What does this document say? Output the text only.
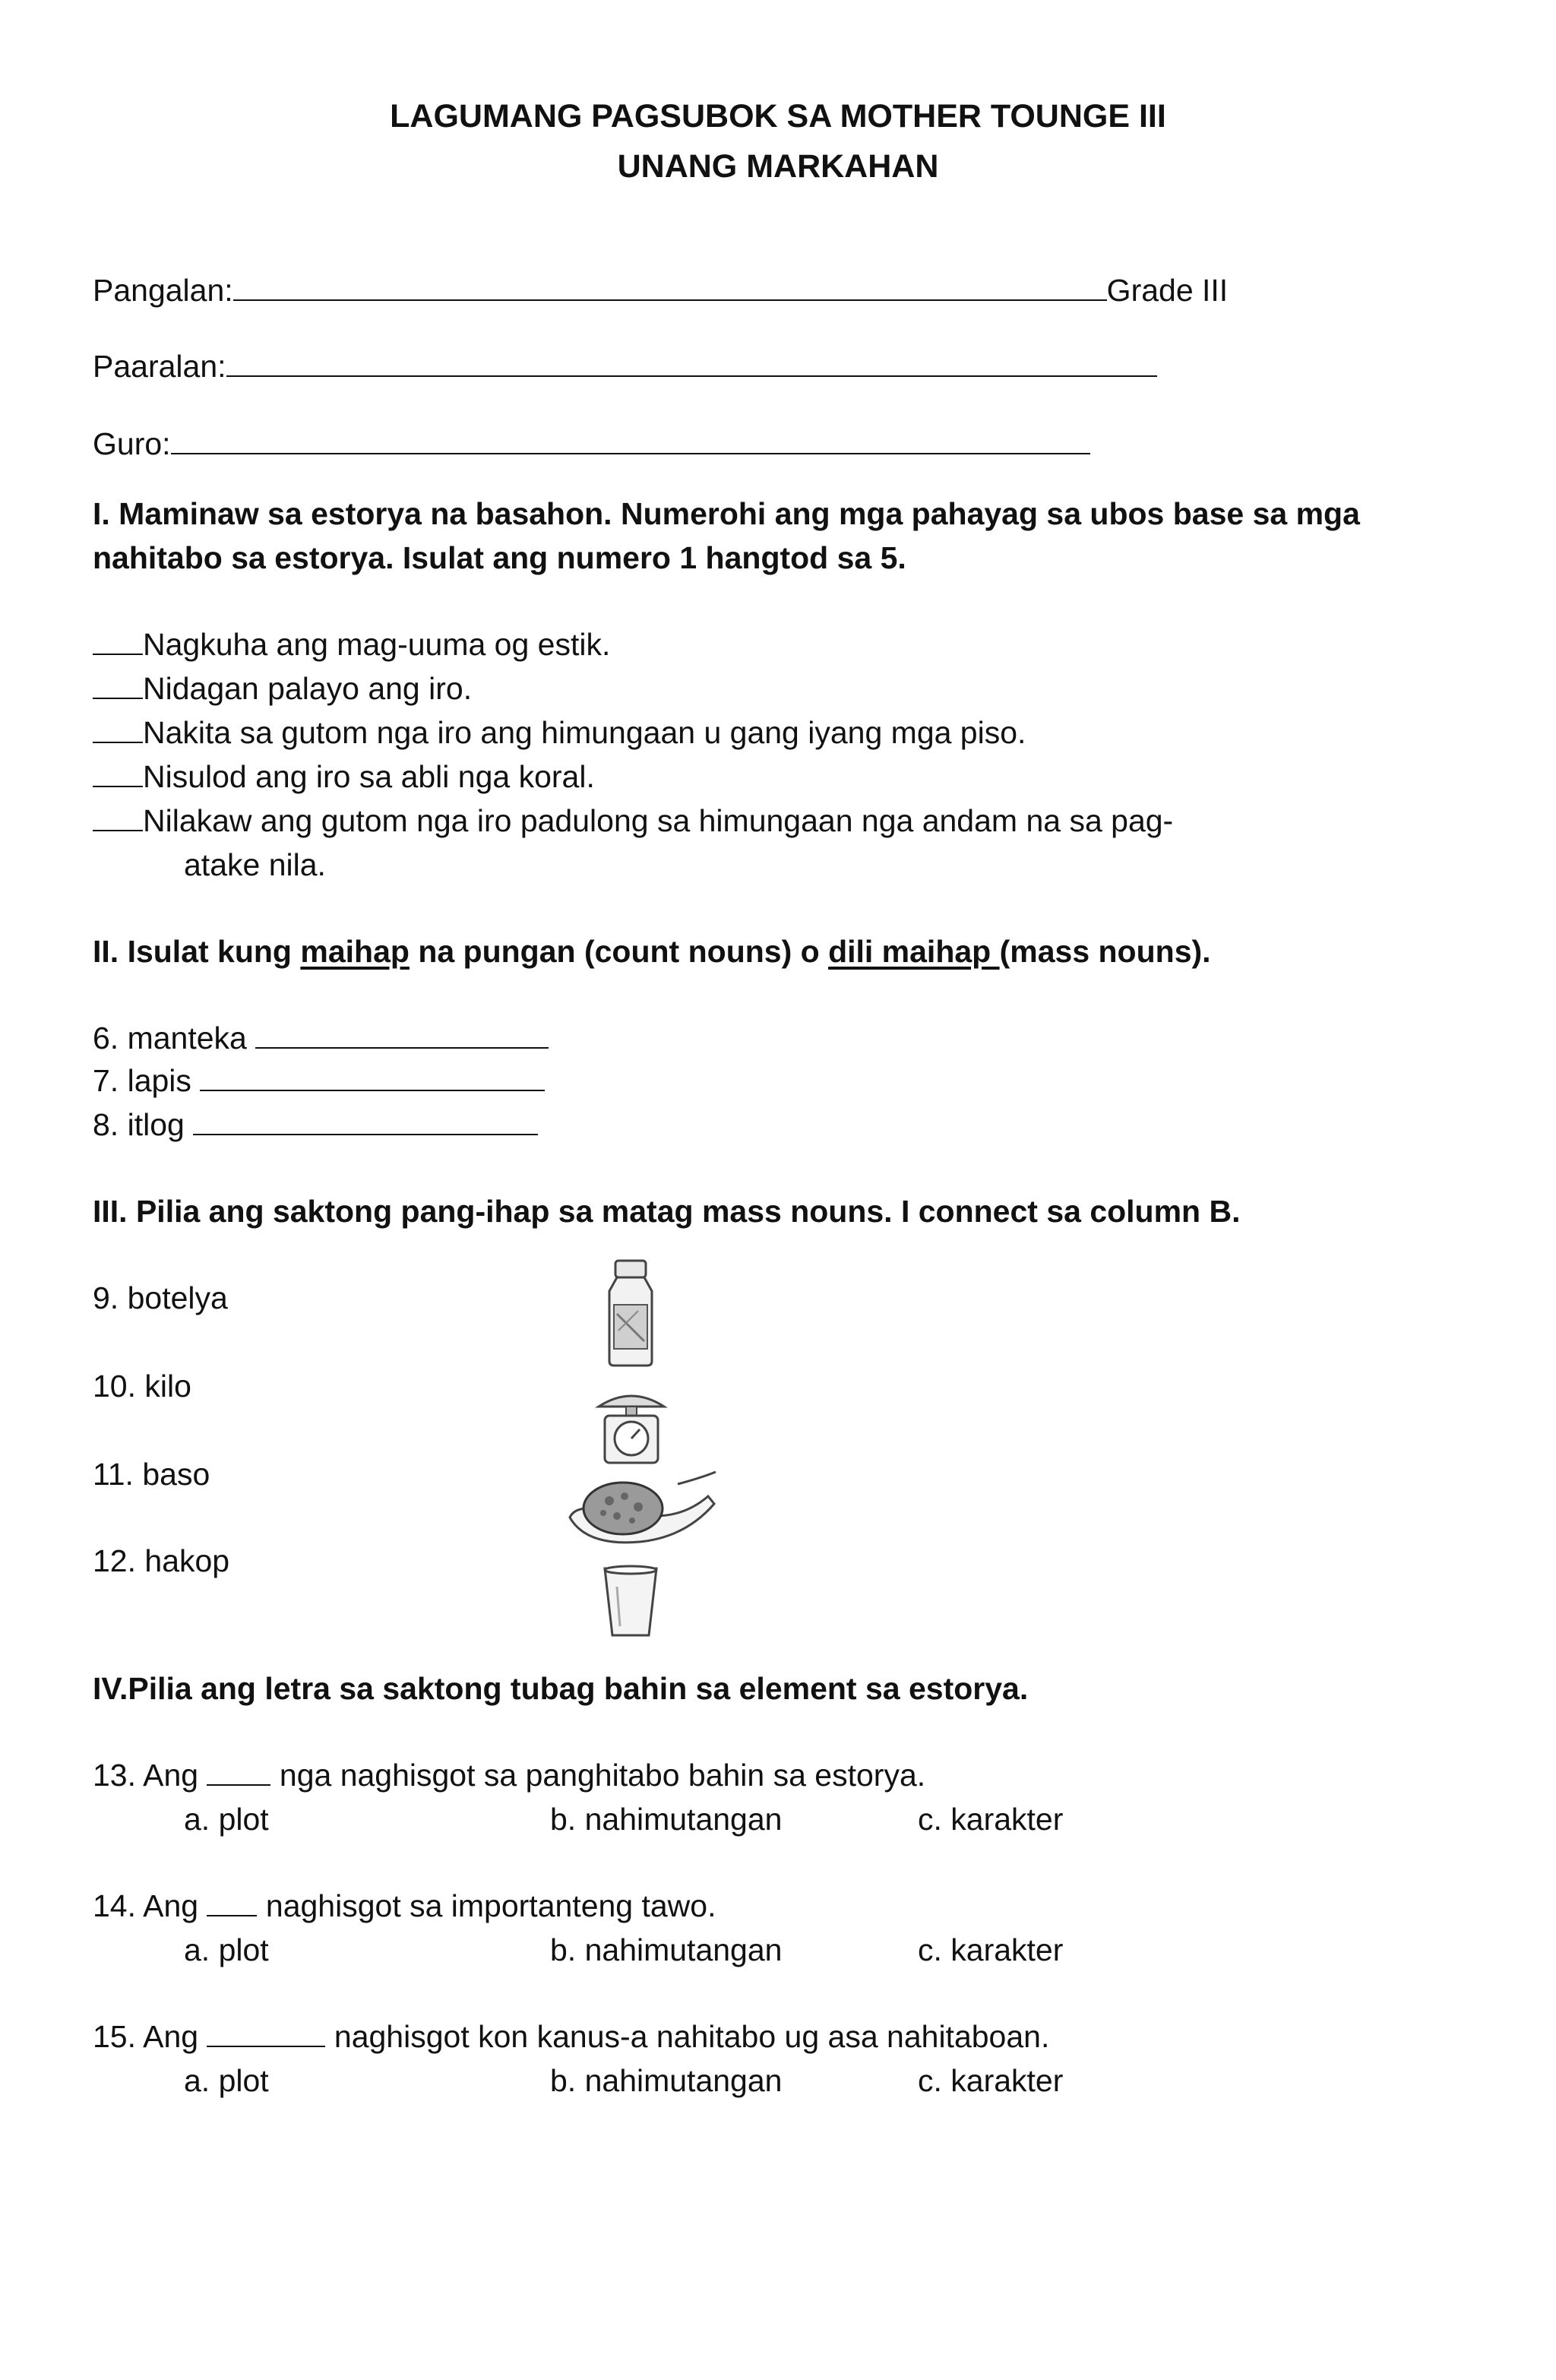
LAGUMANG PAGSUBOK SA MOTHER TOUNGE III
UNANG MARKAHAN
Pangalan:	Grade III
Paaralan:
Guro:
I. Maminaw sa estorya na basahon. Numerohi ang mga pahayag sa ubos base sa mga
nahitabo sa estorya. Isulat ang numero 1 hangtod sa 5.
Nagkuha ang mag-uuma og estik.
Nidagan palayo ang iro.
Nakita sa gutom nga iro ang himungaan u gang iyang mga piso.
Nisulod ang iro sa abli nga koral.
Nilakaw ang gutom nga iro padulong sa himungaan nga andam na sa pag-
atake nila.
II. Isulat kung maihap na pungan (count nouns) o dili maihap (mass nouns).
6. manteka
7. lapis
8. itlog
III. Pilia ang saktong pang-ihap sa matag mass nouns. I connect sa column B.
9. botelya
10. kilo
11. baso
12. hakop
IV.Pilia ang letra sa saktong tubag bahin sa element sa estorya.
13. Ang	nga naghisgot sa panghitabo bahin sa estorya.
a. plot	b. nahimutangan	c. karakter
14. Ang naghisgot sa importanteng tawo.
a. plot	b. nahimutangan	c. karakter
15. Ang	naghisgot kon kanus-a nahitabo ug asa nahitaboan.
a. plot	b. nahimutangan	c. karakter
